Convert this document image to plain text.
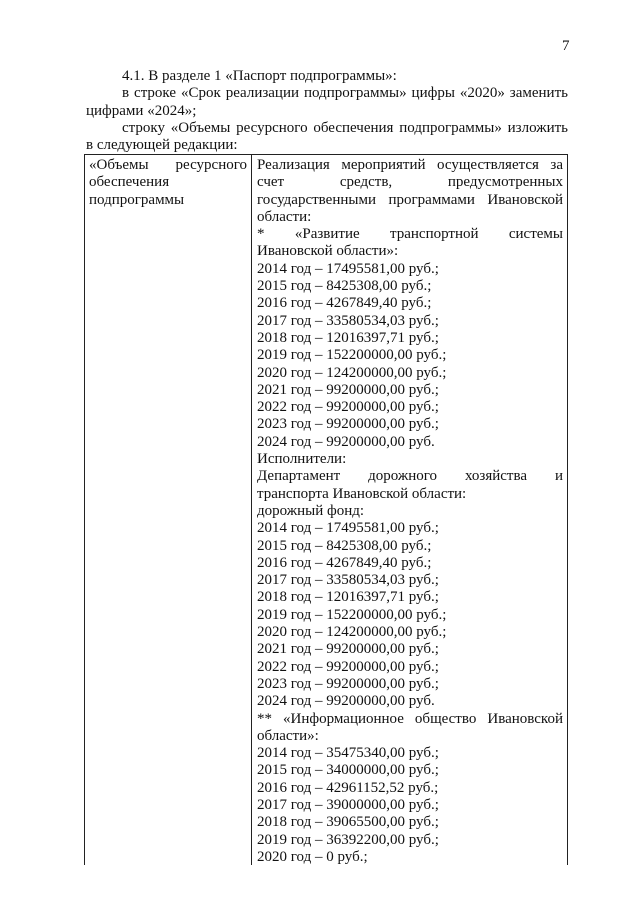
7

4.1. В разделе 1 «Паспорт подпрограммы»:

в строке «Срок реализации подпрограммы» цифры «2020» заменить

цифрами «2024»;

строку «Объемы ресурсного обеспечения подпрограммы» изложить

в следующей редакции:

«Объемы ресурсного

обеспечения

подпрограммы

Реализация мероприятий осуществляется за

счет средств, предусмотренных

государственными программами Ивановской

области:

* «Развитие транспортной системы

Ивановской области»:

2014 год – 17495581,00 руб.;

2015 год – 8425308,00 руб.;

2016 год – 4267849,40 руб.;

2017 год – 33580534,03 руб.;

2018 год – 12016397,71 руб.;

2019 год – 152200000,00 руб.;

2020 год – 124200000,00 руб.;

2021 год – 99200000,00 руб.;

2022 год – 99200000,00 руб.;

2023 год – 99200000,00 руб.;

2024 год – 99200000,00 руб.

Исполнители:

Департамент дорожного хозяйства и

транспорта Ивановской области:

дорожный фонд:

2014 год – 17495581,00 руб.;

2015 год – 8425308,00 руб.;

2016 год – 4267849,40 руб.;

2017 год – 33580534,03 руб.;

2018 год – 12016397,71 руб.;

2019 год – 152200000,00 руб.;

2020 год – 124200000,00 руб.;

2021 год – 99200000,00 руб.;

2022 год – 99200000,00 руб.;

2023 год – 99200000,00 руб.;

2024 год – 99200000,00 руб.

** «Информационное общество Ивановской

области»:

2014 год – 35475340,00 руб.;

2015 год – 34000000,00 руб.;

2016 год – 42961152,52 руб.;

2017 год – 39000000,00 руб.;

2018 год – 39065500,00 руб.;

2019 год – 36392200,00 руб.;

2020 год – 0 руб.;
